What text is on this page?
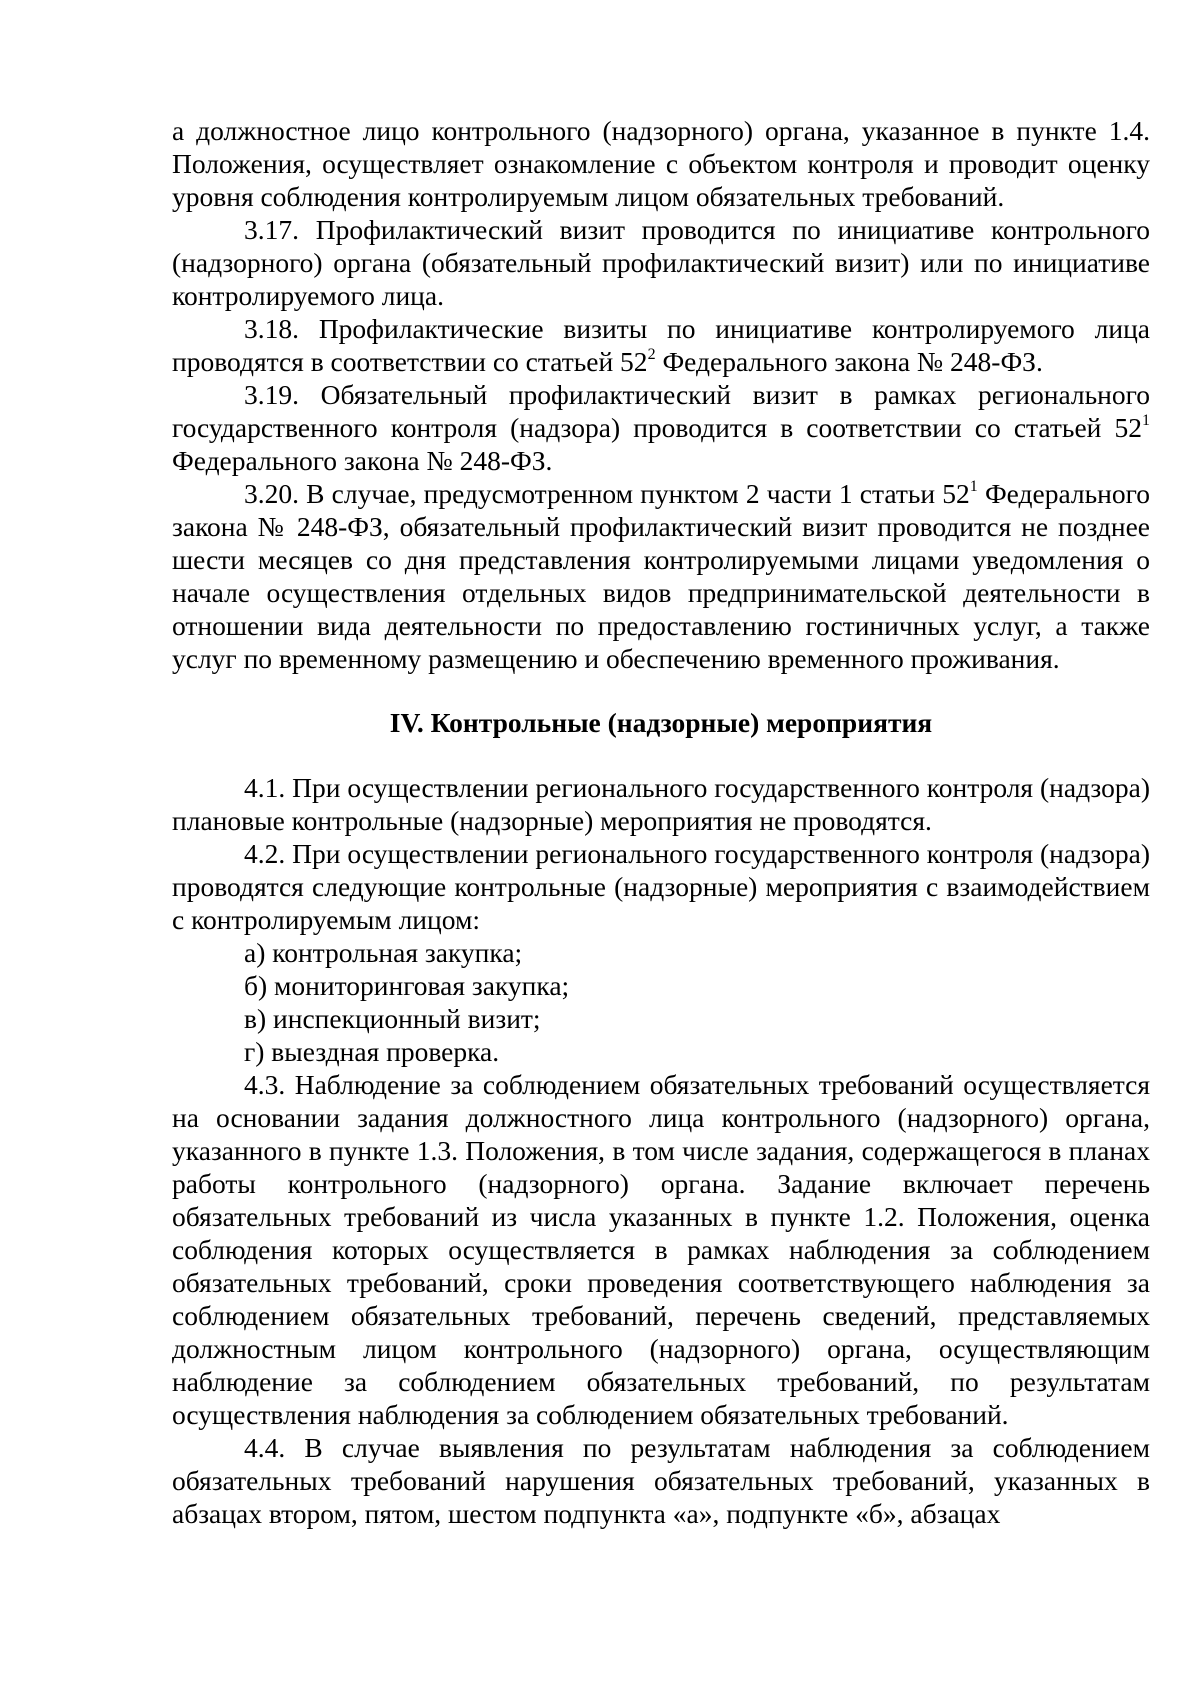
а должностное лицо контрольного (надзорного) органа, указанное в пункте 1.4. Положения, осуществляет ознакомление с объектом контроля и проводит оценку уровня соблюдения контролируемым лицом обязательных требований.

3.17. Профилактический визит проводится по инициативе контрольного (надзорного) органа (обязательный профилактический визит) или по инициативе контролируемого лица.

3.18. Профилактические визиты по инициативе контролируемого лица проводятся в соответствии со статьей $52^2$ Федерального закона № 248-ФЗ.

3.19. Обязательный профилактический визит в рамках регионального государственного контроля (надзора) проводится в соответствии со статьей $52^1$ Федерального закона № 248-ФЗ.

3.20. В случае, предусмотренном пунктом 2 части 1 статьи $52^1$ Федерального закона № 248-ФЗ, обязательный профилактический визит проводится не позднее шести месяцев со дня представления контролируемыми лицами уведомления о начале осуществления отдельных видов предпринимательской деятельности в отношении вида деятельности по предоставлению гостиничных услуг, а также услуг по временному размещению и обеспечению временного проживания.

IV. Контрольные (надзорные) мероприятия

4.1. При осуществлении регионального государственного контроля (надзора) плановые контрольные (надзорные) мероприятия не проводятся.

4.2. При осуществлении регионального государственного контроля (надзора) проводятся следующие контрольные (надзорные) мероприятия с взаимодействием с контролируемым лицом:

а) контрольная закупка;

б) мониторинговая закупка;

в) инспекционный визит;

г) выездная проверка.

4.3. Наблюдение за соблюдением обязательных требований осуществляется на основании задания должностного лица контрольного (надзорного) органа, указанного в пункте 1.3. Положения, в том числе задания, содержащегося в планах работы контрольного (надзорного) органа. Задание включает перечень обязательных требований из числа указанных в пункте 1.2. Положения, оценка соблюдения которых осуществляется в рамках наблюдения за соблюдением обязательных требований, сроки проведения соответствующего наблюдения за соблюдением обязательных требований, перечень сведений, представляемых должностным лицом контрольного (надзорного) органа, осуществляющим наблюдение за соблюдением обязательных требований, по результатам осуществления наблюдения за соблюдением обязательных требований.

4.4. В случае выявления по результатам наблюдения за соблюдением обязательных требований нарушения обязательных требований, указанных в абзацах втором, пятом, шестом подпункта «а», подпункте «б», абзацах
